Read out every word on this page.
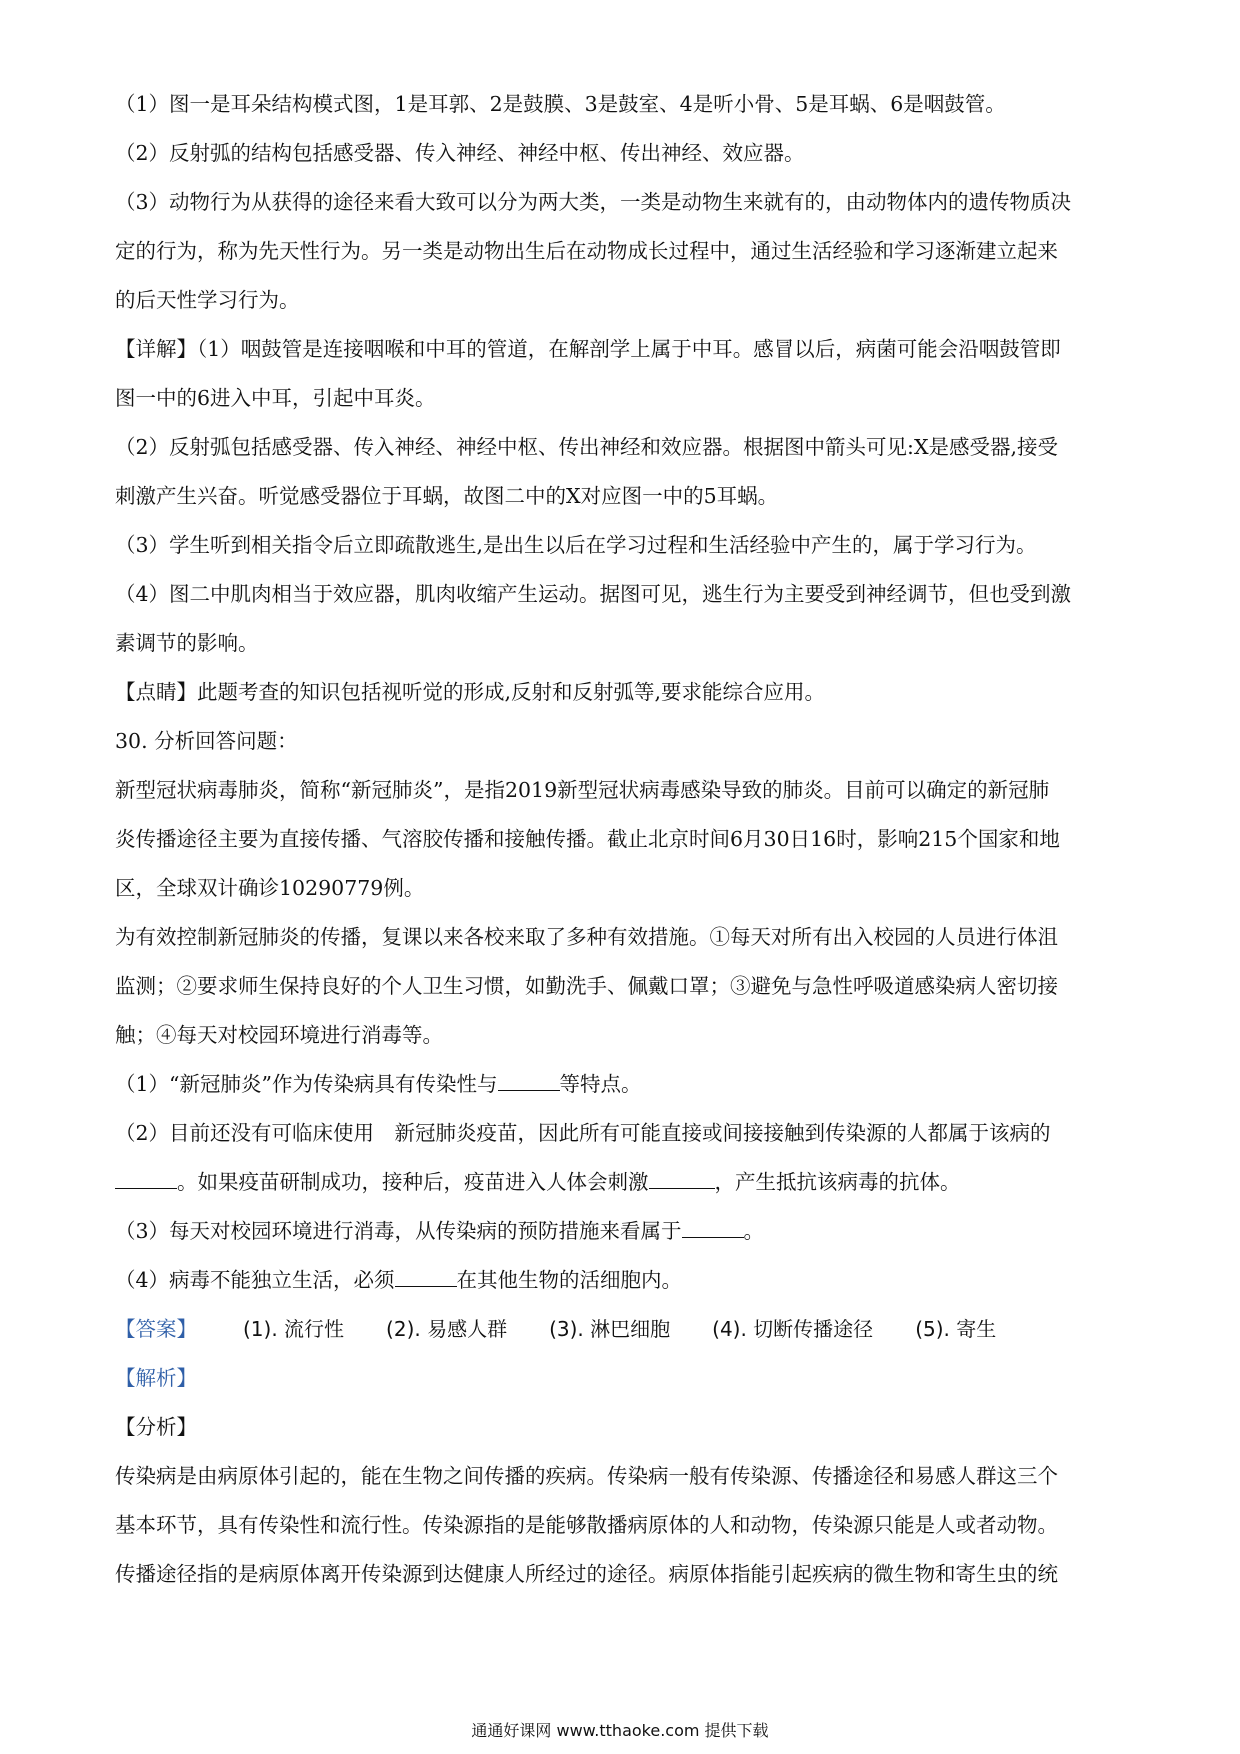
（1）图一是耳朵结构模式图，1是耳郭、2是鼓膜、3是鼓室、4是听小骨、5是耳蜗、6是咽鼓管。
（2）反射弧的结构包括感受器、传入神经、神经中枢、传出神经、效应器。
（3）动物行为从获得的途径来看大致可以分为两大类，一类是动物生来就有的，由动物体内的遗传物质决
定的行为，称为先天性行为。另一类是动物出生后在动物成长过程中，通过生活经验和学习逐渐建立起来
的后天性学习行为。
【详解】（1）咽鼓管是连接咽喉和中耳的管道，在解剖学上属于中耳。感冒以后，病菌可能会沿咽鼓管即
图一中的6进入中耳，引起中耳炎。
（2）反射弧包括感受器、传入神经、神经中枢、传出神经和效应器。根据图中箭头可见:X是感受器,接受
刺激产生兴奋。听觉感受器位于耳蜗，故图二中的X对应图一中的5耳蜗。
（3）学生听到相关指令后立即疏散逃生,是出生以后在学习过程和生活经验中产生的，属于学习行为。
（4）图二中肌肉相当于效应器，肌肉收缩产生运动。据图可见，逃生行为主要受到神经调节，但也受到激
素调节的影响。
【点睛】此题考查的知识包括视听觉的形成,反射和反射弧等,要求能综合应用。
30. 分析回答问题：
新型冠状病毒肺炎，简称“新冠肺炎”，是指2019新型冠状病毒感染导致的肺炎。目前可以确定的新冠肺
炎传播途径主要为直接传播、气溶胶传播和接触传播。截止北京时间6月30日16时，影响215个国家和地
区，全球双计确诊10290779例。
为有效控制新冠肺炎的传播，复课以来各校来取了多种有效措施。①每天对所有出入校园的人员进行体沮
监测；②要求师生保持良好的个人卫生习惯，如勤洗手、佩戴口罩；③避免与急性呼吸道感染病人密切接
触；④每天对校园环境进行消毒等。
（1）“新冠肺炎”作为传染病具有传染性与	等特点。
（2）目前还没有可临床使用　新冠肺炎疫苗，因此所有可能直接或间接接触到传染源的人都属于该病的
。如果疫苗研制成功，接种后，疫苗进入人体会刺激	，产生抵抗该病毒的抗体。
（3）每天对校园环境进行消毒，从传染病的预防措施来看属于	。
（4）病毒不能独立生活，必须	在其他生物的活细胞内。
【答案】 (1). 流行性 (2). 易感人群 (3). 淋巴细胞 (4). 切断传播途径 (5). 寄生
【解析】
【分析】
传染病是由病原体引起的，能在生物之间传播的疾病。传染病一般有传染源、传播途径和易感人群这三个
基本环节，具有传染性和流行性。传染源指的是能够散播病原体的人和动物，传染源只能是人或者动物。
传播途径指的是病原体离开传染源到达健康人所经过的途径。病原体指能引起疾病的微生物和寄生虫的统
通通好课网 www.tthaoke.com 提供下载
